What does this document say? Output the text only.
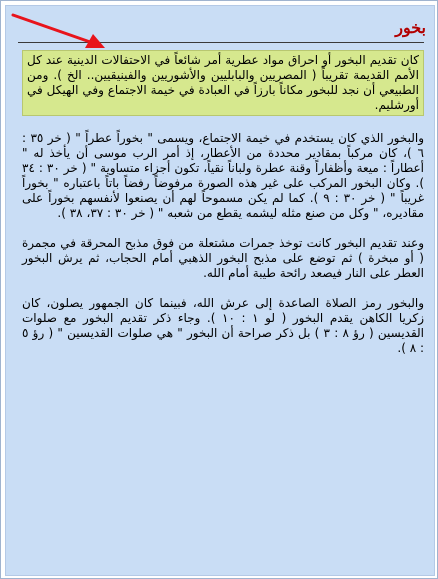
بخور

كان تقديم البخور أو احراق مواد عطرية أمر شائعاً في الاحتفالات الدينية عند كل الأمم القديمة تقريباً ( المصريين والبابليين والأشوريين والفينيقيين.. الخ ). ومن الطبيعي أن نجد للبخور مكاناً بارزاً في العبادة في خيمة الاجتماع وفي الهيكل في أورشليم.

والبخور الذي كان يستخدم في خيمة الاجتماع، ويسمى " بخوراً عطراً " ( خر ٣٥ : ٦ )، كان مركباً بمقادير محددة من الأعطار، إذ أمر الرب موسى أن يأخذ له " أعطاراً : ميعة وأظفاراً وقنة عطرة ولباناً نقياً، تكون أجزاء متساوية " ( خر ٣٠ : ٣٤ ). وكان البخور المركب على غير هذه الصورة مرفوضاً رفضاً باتاً باعتباره " بخوراً غريباً " ( خر ٣٠ : ٩ ). كما لم يكن مسموحاً لهم أن يصنعوا لأنفسهم بخوراً على مقاديره، " وكل من صنع مثله ليشمه يقطع من شعبه " ( خر ٣٠ : ٣٧، ٣٨ ).

وعند تقديم البخور كانت توخذ جمرات مشتعلة من فوق مذبح المحرقة في مجمرة ( أو مبخرة ) ثم توضع على مذبح البخور الذهبي أمام الحجاب، ثم يرش البخور العطر على النار فيصعد رائحة طيبة أمام الله.

والبخور رمز الصلاة الصاعدة إلى عرش الله، فبينما كان الجمهور يصلون، كان زكريا الكاهن يقدم البخور ( لو ١ : ١٠ ). وجاء ذكر تقديم البخور مع صلوات القديسين ( رؤ ٨ : ٣ ) بل ذكر صراحة أن البخور " هي صلوات القديسين " ( رؤ ٥ : ٨ ).
